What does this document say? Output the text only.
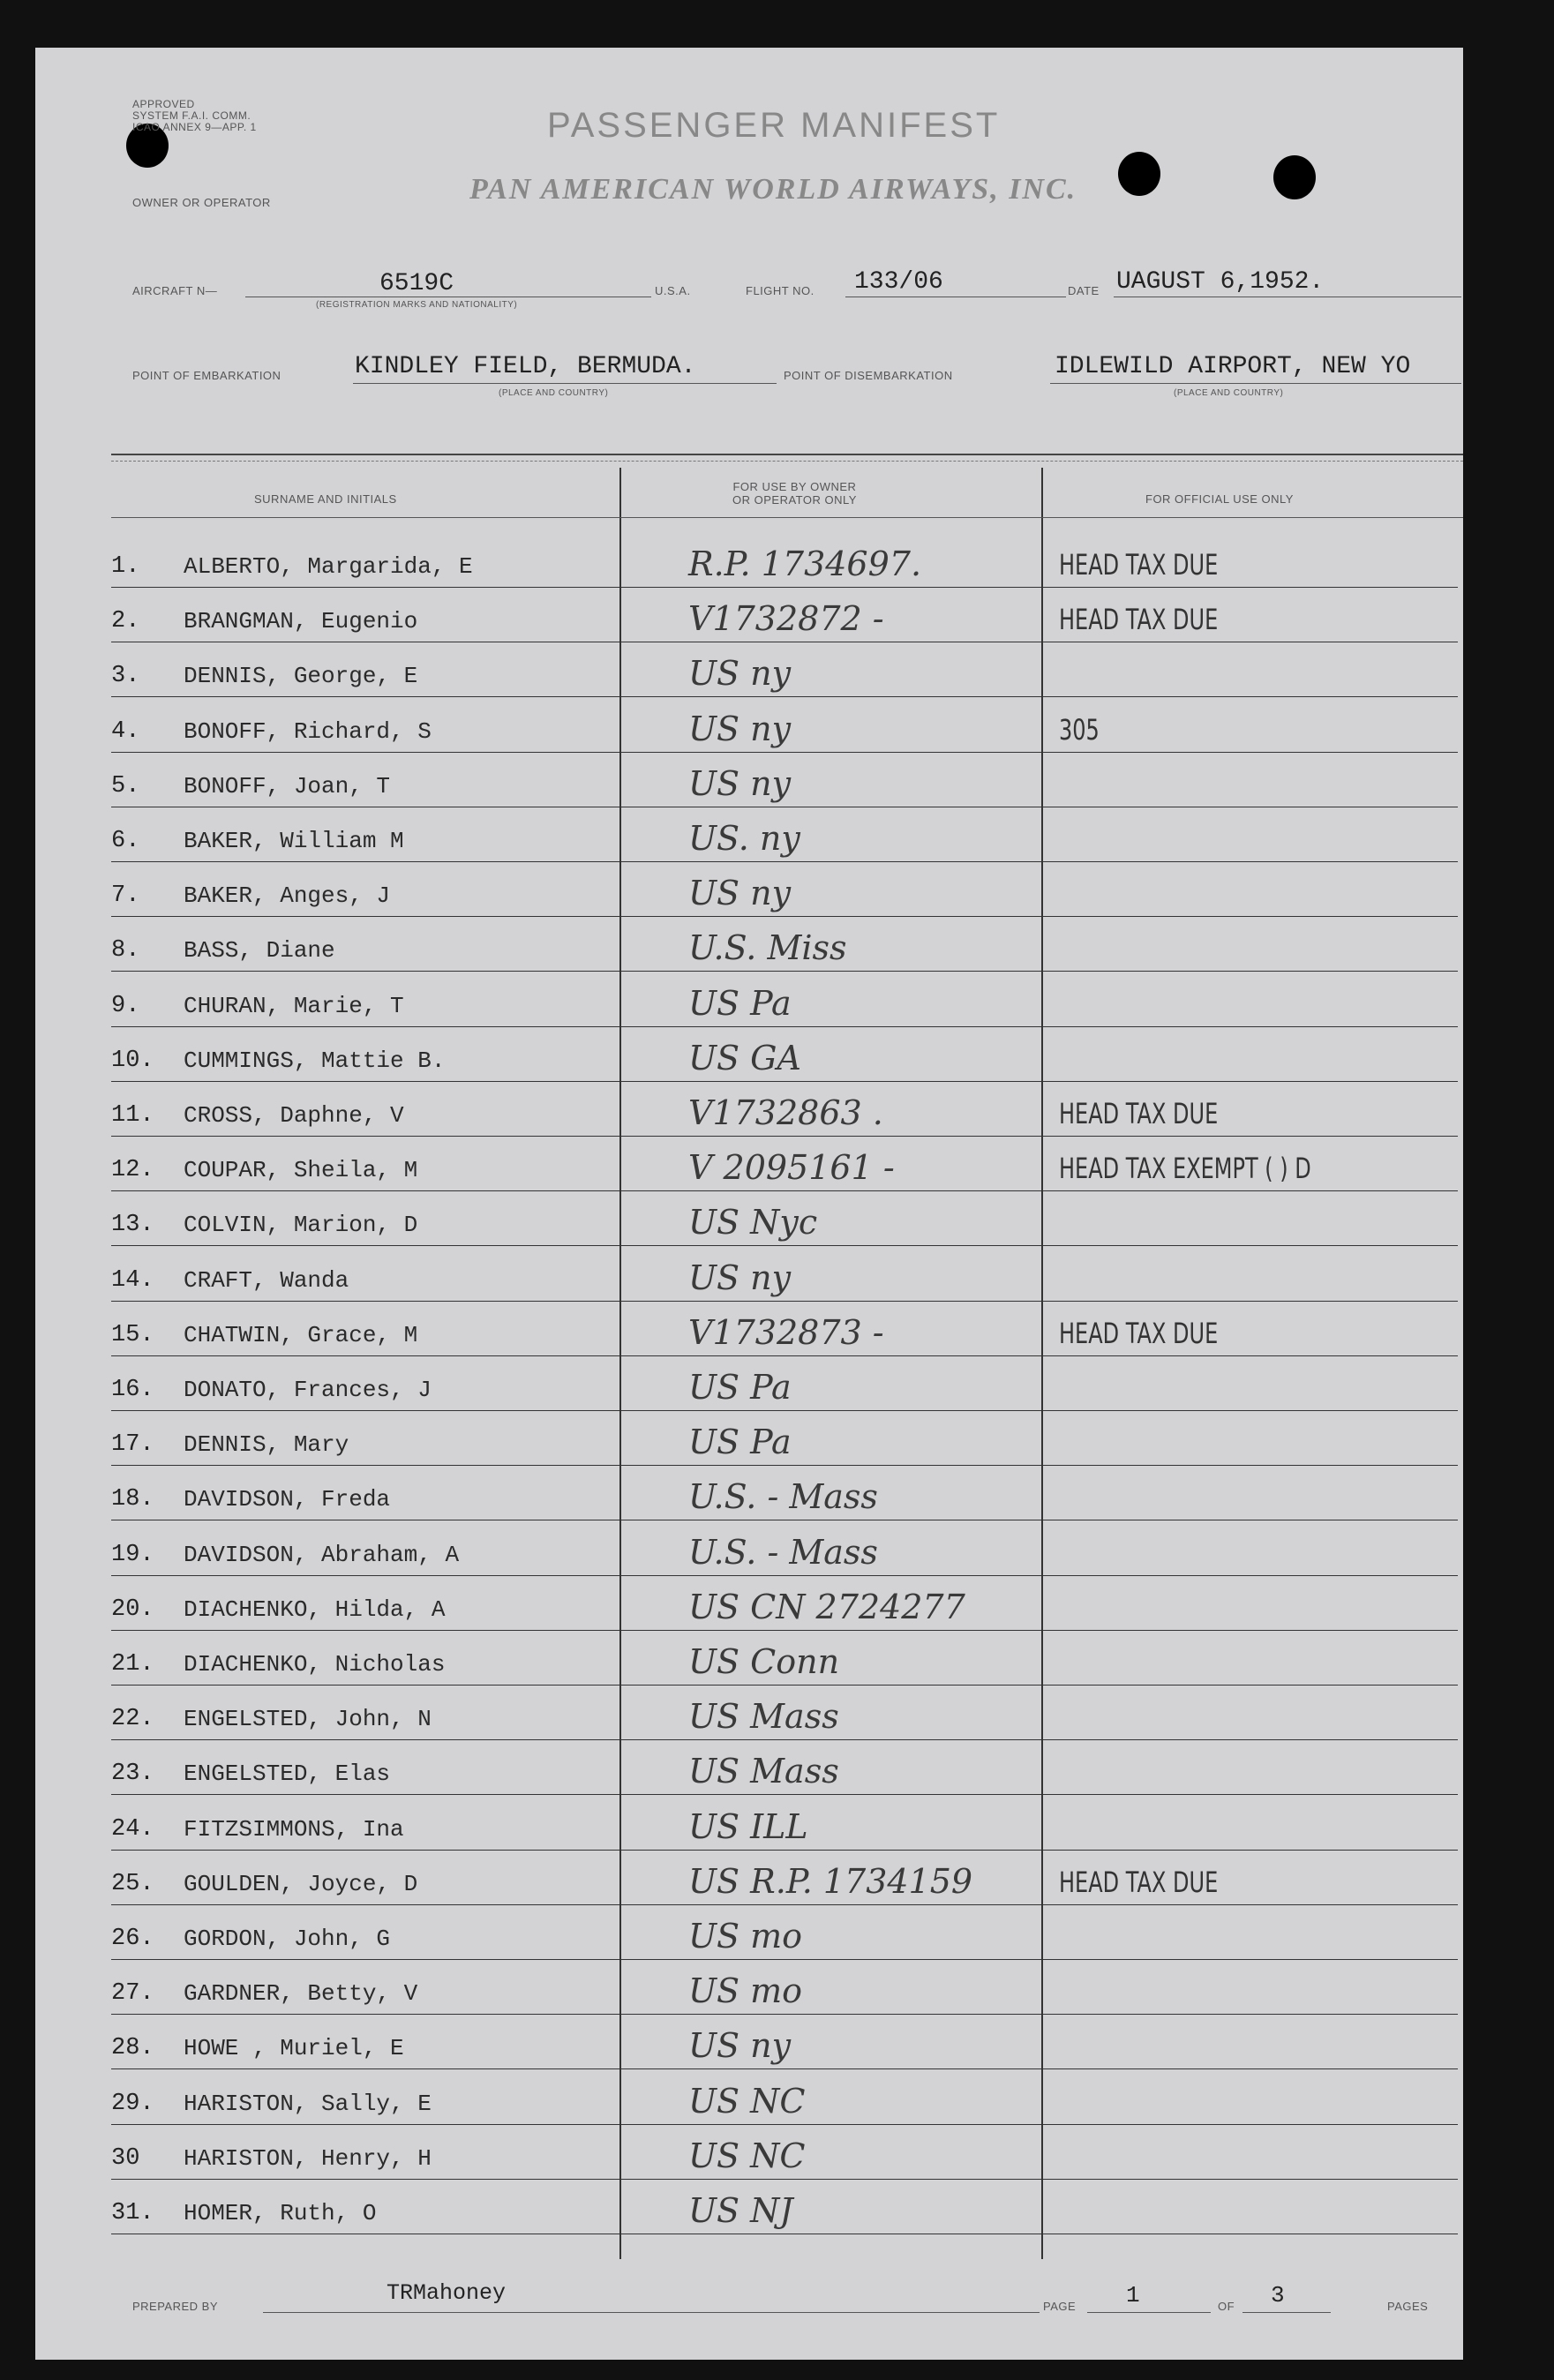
APPROVED
SYSTEM F.A.I. COMM.
ICAO ANNEX 9—APP. 1	PASSENGER MANIFEST
PAN AMERICAN WORLD AIRWAYS, INC.
OWNER OR OPERATOR
AIRCRAFT N—	6519C
(REGISTRATION MARKS AND NATIONALITY)
U.S.A.	FLIGHT NO. 133/06	DATE UAGUST 6,1952.
POINT OF EMBARKATION	KINDLEY FIELD, BERMUDA.
(PLACE AND COUNTRY)
POINT OF DISEMBARKATION	IDLEWILD AIRPORT, NEW YO
(PLACE AND COUNTRY)
SURNAME AND INITIALS
FOR USE BY OWNER
OR OPERATOR ONLY	FOR OFFICIAL USE ONLY
1. ALBERTO, Margarida, E	R.P. 1734697.	HEAD TAX DUE
2. BRANGMAN, Eugenio	V1732872 -	HEAD TAX DUE
3. DENNIS, George, E	US ny
4. BONOFF, Richard, S	US ny	305
5. BONOFF, Joan, T	US ny
6. BAKER, William M	US. ny
7. BAKER, Anges, J	US ny
8. BASS, Diane	U.S. Miss
9. CHURAN, Marie, T	US Pa
10. CUMMINGS, Mattie B.	US GA
11. CROSS, Daphne, V	V1732863 .	HEAD TAX DUE
12. COUPAR, Sheila, M	V 2095161 -	HEAD TAX EXEMPT ( ) D
13. COLVIN, Marion, D	US Nyc
14. CRAFT, Wanda	US ny
15. CHATWIN, Grace, M	V1732873 -	HEAD TAX DUE
16. DONATO, Frances, J	US Pa
17. DENNIS, Mary	US Pa
18. DAVIDSON, Freda	U.S. - Mass
19. DAVIDSON, Abraham, A	U.S. - Mass
20. DIACHENKO, Hilda, A	US CN 2724277
21. DIACHENKO, Nicholas	US Conn
22. ENGELSTED, John, N	US Mass
23. ENGELSTED, Elas	US Mass
24. FITZSIMMONS, Ina	US ILL
25. GOULDEN, Joyce, D	US R.P. 1734159	HEAD TAX DUE
26. GORDON, John, G	US mo
27. GARDNER, Betty, V	US mo
28. HOWE , Muriel, E	US ny
29. HARISTON, Sally, E	US NC
30 HARISTON, Henry, H	US NC
31. HOMER, Ruth, O	US NJ
PREPARED BY
TRMahoney
PAGE 1	OF 3	PAGES
